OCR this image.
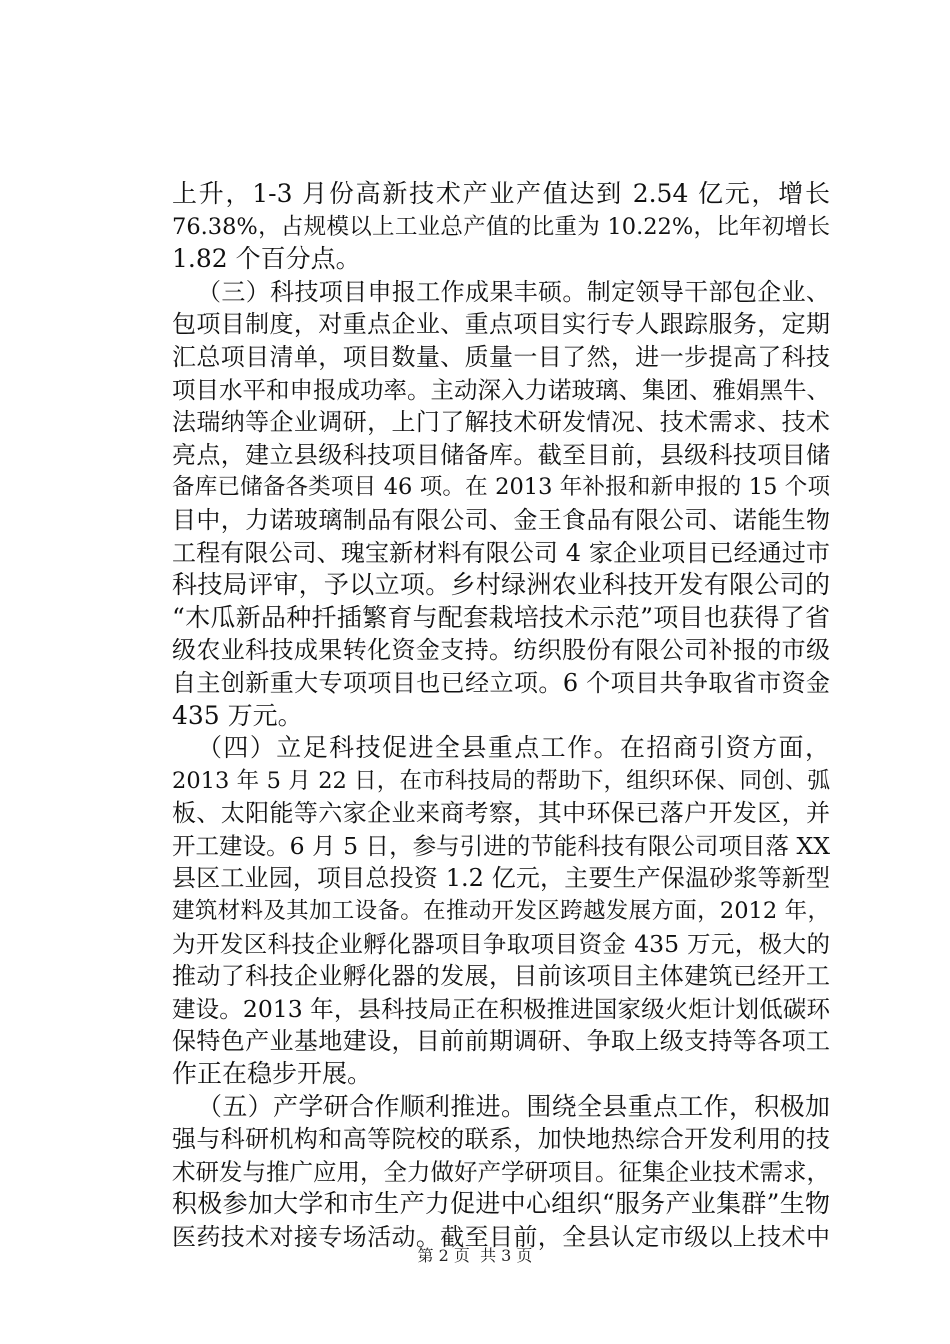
上升，1-3 月份高新技术产业产值达到 2.54 亿元，增长
76.38%，占规模以上工业总产值的比重为 10.22%，比年初增长
1.82 个百分点。
（三）科技项目申报工作成果丰硕。制定领导干部包企业、
包项目制度，对重点企业、重点项目实行专人跟踪服务，定期
汇总项目清单，项目数量、质量一目了然，进一步提高了科技
项目水平和申报成功率。主动深入力诺玻璃、集团、雅娟黑牛、
法瑞纳等企业调研，上门了解技术研发情况、技术需求、技术
亮点，建立县级科技项目储备库。截至目前，县级科技项目储
备库已储备各类项目 46 项。在 2013 年补报和新申报的 15 个项
目中，力诺玻璃制品有限公司、金王食品有限公司、诺能生物
工程有限公司、瑰宝新材料有限公司 4 家企业项目已经通过市
科技局评审，予以立项。乡村绿洲农业科技开发有限公司的
“木瓜新品种扦插繁育与配套栽培技术示范”项目也获得了省
级农业科技成果转化资金支持。纺织股份有限公司补报的市级
自主创新重大专项项目也已经立项。6 个项目共争取省市资金
435 万元。
（四）立足科技促进全县重点工作。在招商引资方面，
2013 年 5 月 22 日，在市科技局的帮助下，组织环保、同创、弧
板、太阳能等六家企业来商考察，其中环保已落户开发区，并
开工建设。6 月 5 日，参与引进的节能科技有限公司项目落 XX
县区工业园，项目总投资 1.2 亿元，主要生产保温砂浆等新型
建筑材料及其加工设备。在推动开发区跨越发展方面，2012 年，
为开发区科技企业孵化器项目争取项目资金 435 万元，极大的
推动了科技企业孵化器的发展，目前该项目主体建筑已经开工
建设。2013 年，县科技局正在积极推进国家级火炬计划低碳环
保特色产业基地建设，目前前期调研、争取上级支持等各项工
作正在稳步开展。
（五）产学研合作顺利推进。围绕全县重点工作，积极加
强与科研机构和高等院校的联系，加快地热综合开发利用的技
术研发与推广应用，全力做好产学研项目。征集企业技术需求，
积极参加大学和市生产力促进中心组织“服务产业集群”生物
医药技术对接专场活动。截至目前，全县认定市级以上技术中
第 2 页  共 3 页
